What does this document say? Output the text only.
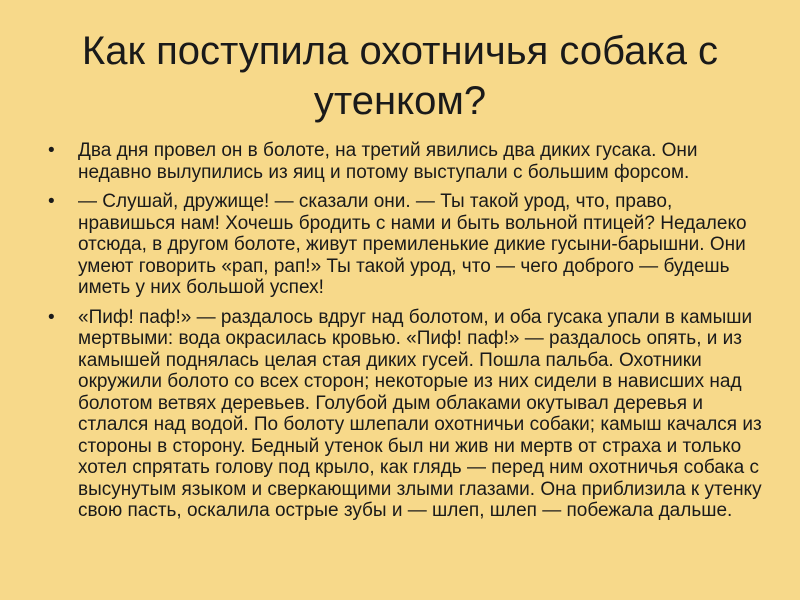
Как поступила охотничья собака с утенком?
• Два дня провел он в болоте, на третий явились два диких гусака. Они недавно вылупились из яиц и потому выступали с большим форсом.
• — Слушай, дружище! — сказали они. — Ты такой урод, что, право, нравишься нам! Хочешь бродить с нами и быть вольной птицей? Недалеко отсюда, в другом болоте, живут премиленькие дикие гусыни-барышни. Они умеют говорить «рап, рап!» Ты такой урод, что — чего доброго — будешь иметь у них большой успех!
• «Пиф! паф!» — раздалось вдруг над болотом, и оба гусака упали в камыши мертвыми: вода окрасилась кровью. «Пиф! паф!» — раздалось опять, и из камышей поднялась целая стая диких гусей. Пошла пальба. Охотники окружили болото со всех сторон; некоторые из них сидели в нависших над болотом ветвях деревьев. Голубой дым облаками окутывал деревья и стлался над водой. По болоту шлепали охотничьи собаки; камыш качался из стороны в сторону. Бедный утенок был ни жив ни мертв от страха и только хотел спрятать голову под крыло, как глядь — перед ним охотничья собака с высунутым языком и сверкающими злыми глазами. Она приблизила к утенку свою пасть, оскалила острые зубы и — шлеп, шлеп — побежала дальше.
